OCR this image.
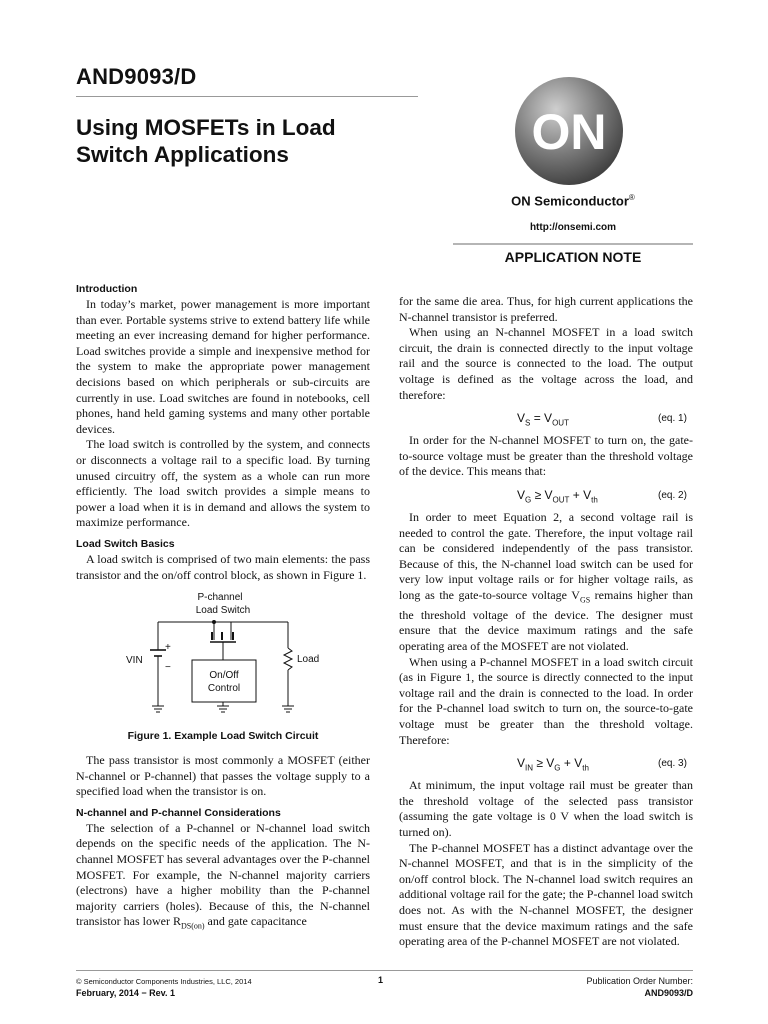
AND9093/D
Using MOSFETs in Load Switch Applications	ON
ON Semiconductor®
http://onsemi.com
APPLICATION NOTE
Introduction

In today’s market, power management is more important than ever. Portable systems strive to extend battery life while meeting an ever increasing demand for higher performance. Load switches provide a simple and inexpensive method for the system to make the appropriate power management decisions based on which peripherals or sub-circuits are currently in use. Load switches are found in notebooks, cell phones, hand held gaming systems and many other portable devices.

The load switch is controlled by the system, and connects or disconnects a voltage rail to a specific load. By turning unused circuitry off, the system as a whole can run more efficiently. The load switch provides a simple means to power a load when it is in demand and allows the system to maximize performance.

Load Switch Basics

A load switch is comprised of two main elements: the pass transistor and the on/off control block, as shown in Figure 1.

P-channel
Load Switch
VIN
+
−
On/Off
Control
Load
Figure 1. Example Load Switch Circuit

The pass transistor is most commonly a MOSFET (either N-channel or P-channel) that passes the voltage supply to a specified load when the transistor is on.

N-channel and P-channel Considerations

The selection of a P-channel or N-channel load switch depends on the specific needs of the application. The N-channel MOSFET has several advantages over the P-channel MOSFET. For example, the N-channel majority carriers (electrons) have a higher mobility than the P-channel majority carriers (holes). Because of this, the N-channel transistor has lower $R_{DS(on)}$ and gate capacitance

for the same die area. Thus, for high current applications the N-channel transistor is preferred.

When using an N-channel MOSFET in a load switch circuit, the drain is connected directly to the input voltage rail and the source is connected to the load. The output voltage is defined as the voltage across the load, and therefore:

$V_S = V_{OUT}$	(eq. 1)

In order for the N-channel MOSFET to turn on, the gate-to-source voltage must be greater than the threshold voltage of the device. This means that:

$V_G \ge V_{OUT} + V_{th}$	(eq. 2)

In order to meet Equation 2, a second voltage rail is needed to control the gate. Therefore, the input voltage rail can be considered independently of the pass transistor. Because of this, the N-channel load switch can be used for very low input voltage rails or for higher voltage rails, as long as the gate-to-source voltage $V_{GS}$ remains higher than the threshold voltage of the device. The designer must ensure that the device maximum ratings and the safe operating area of the MOSFET are not violated.

When using a P-channel MOSFET in a load switch circuit (as in Figure 1, the source is directly connected to the input voltage rail and the drain is connected to the load. In order for the P-channel load switch to turn on, the source-to-gate voltage must be greater than the threshold voltage. Therefore:

$V_{IN} \ge V_G + V_{th}$	(eq. 3)

At minimum, the input voltage rail must be greater than the threshold voltage of the selected pass transistor (assuming the gate voltage is 0 V when the load switch is turned on).

The P-channel MOSFET has a distinct advantage over the N-channel MOSFET, and that is in the simplicity of the on/off control block. The N-channel load switch requires an additional voltage rail for the gate; the P-channel load switch does not. As with the N-channel MOSFET, the designer must ensure that the device maximum ratings and the safe operating area of the P-channel MOSFET are not violated.

© Semiconductor Components Industries, LLC, 2014
February, 2014 − Rev. 1
1	Publication Order Number:
AND9093/D
